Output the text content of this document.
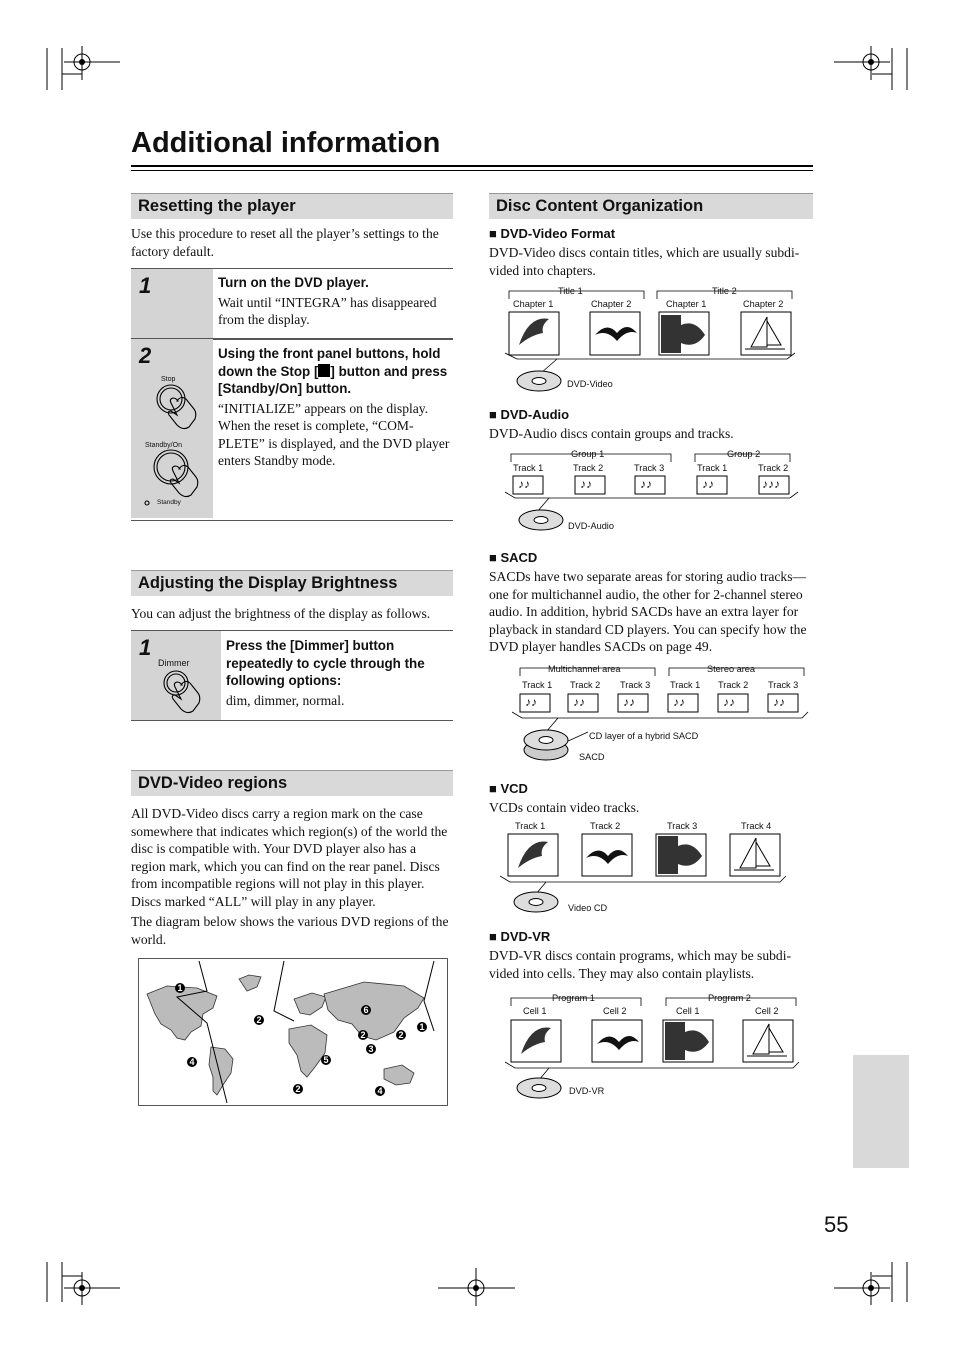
Additional information
Resetting the player
Use this procedure to reset all the player’s settings to the factory default.
1	Turn on the DVD player.
Wait until “INTEGRA” has disappeared from the display.
2
Stop
Standby/On
Standby
Using the front panel buttons, hold down the Stop [ ] button and press [Standby/On] button.
“INITIALIZE” appears on the display. When the reset is complete, “COM-PLETE” is displayed, and the DVD player enters Standby mode.
Adjusting the Display Brightness
You can adjust the brightness of the display as follows.
1
Dimmer
Press the [Dimmer] button repeatedly to cycle through the following options:
dim, dimmer, normal.
DVD-Video regions
All DVD-Video discs carry a region mark on the case somewhere that indicates which region(s) of the world the disc is compatible with. Your DVD player also has a region mark, which you can find on the rear panel. Discs from incompatible regions will not play in this player. Discs marked “ALL” will play in any player.
The diagram below shows the various DVD regions of the world.
1
2
4
2
6
5
2
1
3
2	4
Disc Content Organization
■ DVD-Video Format
DVD-Video discs contain titles, which are usually subdi-vided into chapters.
Title 1	Title 2
Chapter 1	Chapter 2	Chapter 1	Chapter 2
DVD-Video
■ DVD-Audio
DVD-Audio discs contain groups and tracks.
Group 1	Group 2
Track 1	Track 2	Track 3	Track 1	Track 2
♪♪	♪♪	♪♪	♪♪	♪♪♪
DVD-Audio
■ SACD
SACDs have two separate areas for storing audio tracks—one for multichannel audio, the other for 2-channel stereo audio. In addition, hybrid SACDs have an extra layer for playback in standard CD players. You can specify how the DVD player handles SACDs on page 49.
Multichannel area	Stereo area
Track 1 Track 2 Track 3 Track 1 Track 2 Track 3
♪♪	♪♪	♪♪	♪♪	♪♪	♪♪
CD layer of a hybrid SACD
SACD
■ VCD
VCDs contain video tracks.
Track 1	Track 2	Track 3	Track 4
Video CD
■ DVD-VR
DVD-VR discs contain programs, which may be subdi-vided into cells. They may also contain playlists.
Program 1	Program 2
Cell 1	Cell 2	Cell 1	Cell 2
DVD-VR
55
